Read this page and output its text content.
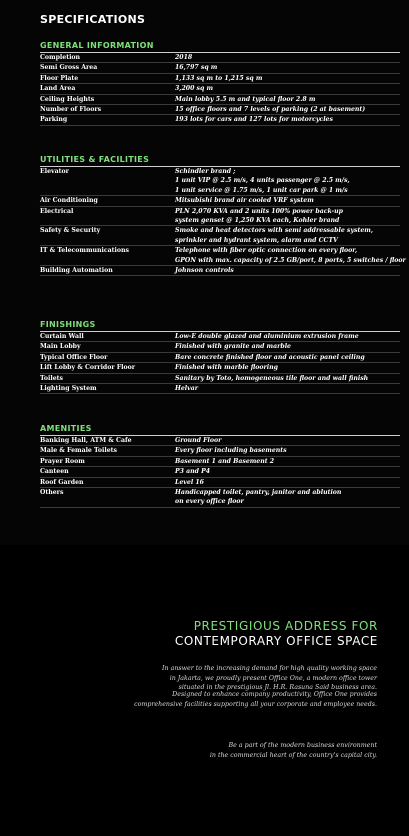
SPECIFICATIONS
GENERAL INFORMATION
Completion	2018
Semi Gross Area	16,797 sq m
Floor Plate	1,133 sq m to 1,215 sq m
Land Area	3,200 sq m
Ceiling Heights	Main lobby 5.5 m and typical floor 2.8 m
Number of Floors	15 office floors and 7 levels of parking (2 at basement)
Parking	193 lots for cars and 127 lots for motorcycles
UTILITIES & FACILITIES
Elevator	Schindler brand ;
1 unit VIP @ 2.5 m/s, 4 units passenger @ 2.5 m/s,
1 unit service @ 1.75 m/s, 1 unit car park @ 1 m/s
Air Conditioning	Mitsubishi brand air cooled VRF system
Electrical	PLN 2,070 KVA and 2 units 100% power back-up
system genset @ 1,250 KVA each, Kohler brand
Safety & Security	Smoke and heat detectors with semi addressable system,
sprinkler and hydrant system, alarm and CCTV
IT & Telecommunications	Telephone with fiber optic connection on every floor,
GPON with max. capacity of 2.5 GB/port, 8 ports, 5 switches / floor
Building Automation	Johnson controls
FINISHINGS
Curtain Wall	Low-E double glazed and aluminium extrusion frame
Main Lobby	Finished with granite and marble
Typical Office Floor	Bare concrete finished floor and acoustic panel ceiling
Lift Lobby & Corridor Floor	Finished with marble flooring
Toilets	Sanitary by Toto, homogeneous tile floor and wall finish
Lighting System	Helvar
AMENITIES
Banking Hall, ATM & Cafe	Ground Floor
Male & Female Toilets	Every floor including basements
Prayer Room	Basement 1 and Basement 2
Canteen	P3 and P4
Roof Garden	Level 16
Others	Handicapped toilet, pantry, janitor and ablution
on every office floor
PRESTIGIOUS ADDRESS FOR
CONTEMPORARY OFFICE SPACE
In answer to the increasing demand for high quality working space
in Jakarta, we proudly present Office One, a modern office tower
situated in the prestigious Jl. H.R. Rasuna Said business area.
Designed to enhance company productivity, Office One provides
comprehensive facilities supporting all your corporate and employee needs.
Be a part of the modern business environment
in the commercial heart of the country's capital city.
